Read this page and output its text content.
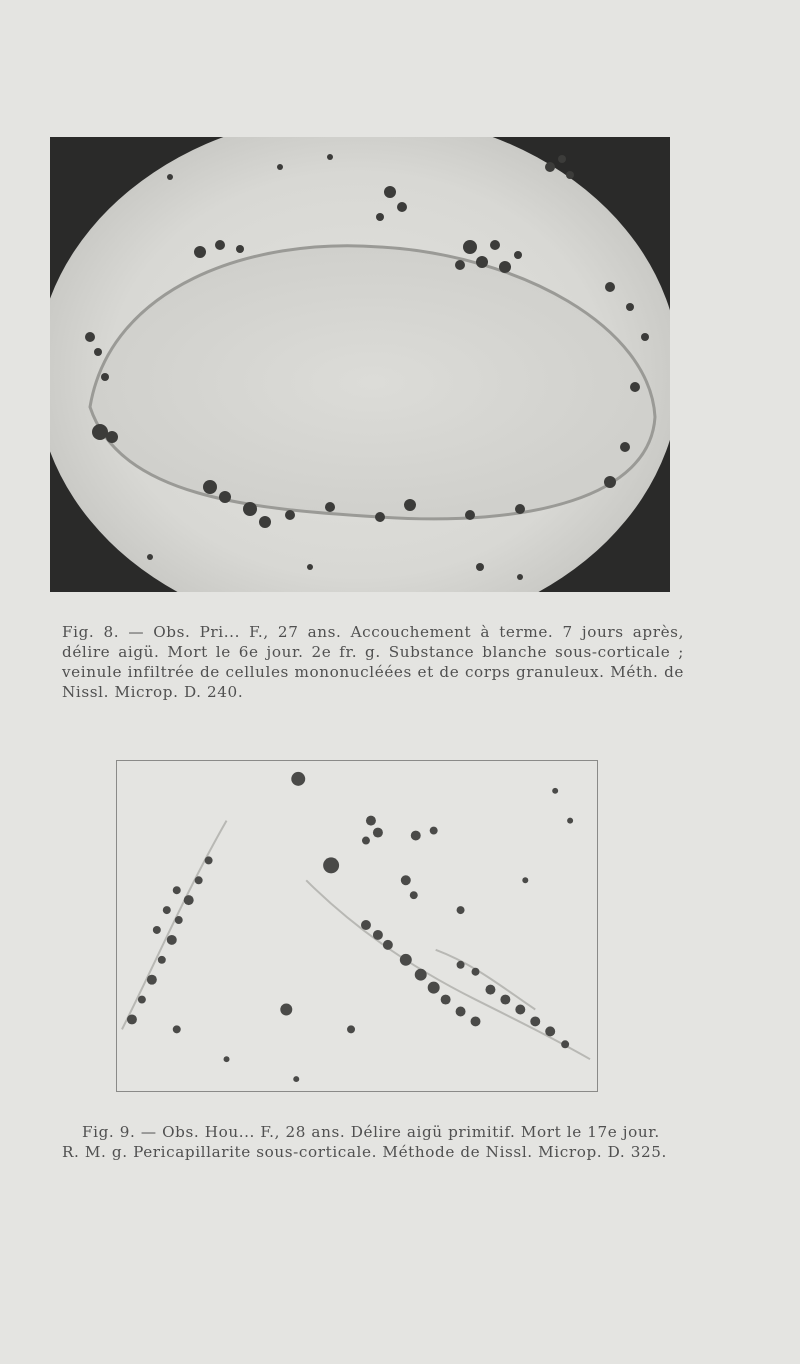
Fig. 8. — Obs. Pri... F., 27 ans. Accouchement à terme. 7 jours après,
délire aigü. Mort le 6e jour. 2e fr. g. Substance blanche sous-corticale ;
veinule infiltrée de cellules mononucléées et de corps granuleux. Méth. de
Nissl. Microp. D. 240.

Fig. 9. — Obs. Hou... F., 28 ans. Délire aigü primitif. Mort le 17e jour.
R. M. g. Pericapillarite sous-corticale. Méthode de Nissl. Microp. D. 325.
